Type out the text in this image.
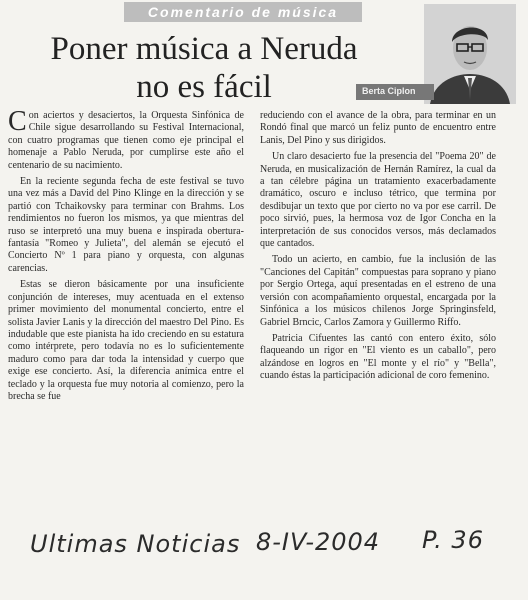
Comentario de música
Poner música a Neruda
no es fácil	Berta Ciplon

Con aciertos y desaciertos, la Orquesta Sinfónica de Chile sigue desarrollando su Festival Internacional, con cuatro programas que tienen como eje principal el homenaje a Pablo Neruda, por cumplirse este año el centenario de su nacimiento.

En la reciente segunda fecha de este festival se tuvo una vez más a David del Pino Klinge en la dirección y se partió con Tchaikovsky para terminar con Brahms. Los rendimientos no fueron los mismos, ya que mientras del ruso se interpretó una muy buena e inspirada obertura-fantasía "Romeo y Julieta", del alemán se ejecutó el Concierto Nº 1 para piano y orquesta, con algunas carencias.

Estas se dieron básicamente por una insuficiente conjunción de intereses, muy acentuada en el extenso primer movimiento del monumental concierto, entre el solista Javier Lanis y la dirección del maestro Del Pino. Es indudable que este pianista ha ido creciendo en su estatura como intérprete, pero todavía no es lo suficientemente maduro como para dar toda la intensidad y cuerpo que exige ese concierto. Así, la diferencia anímica entre el teclado y la orquesta fue muy notoria al comienzo, pero la brecha se fue

reduciendo con el avance de la obra, para terminar en un Rondó final que marcó un feliz punto de encuentro entre Lanis, Del Pino y sus dirigidos.

Un claro desacierto fue la presencia del "Poema 20" de Neruda, en musicalización de Hernán Ramírez, la cual da a tan célebre página un tratamiento exacerbadamente dramático, oscuro e incluso tétrico, que termina por desdibujar un texto que por cierto no va por ese carril. De poco sirvió, pues, la hermosa voz de Igor Concha en la interpretación de sus conocidos versos, más declamados que cantados.

Todo un acierto, en cambio, fue la inclusión de las "Canciones del Capitán" compuestas para soprano y piano por Sergio Ortega, aquí presentadas en el estreno de una versión con acompañamiento orquestal, encargada por la Sinfónica a los músicos chilenos Jorge Springinsfeld, Gabriel Brncic, Carlos Zamora y Guillermo Riffo.

Patricia Cifuentes las cantó con entero éxito, sólo flaqueando un rigor en "El viento es un caballo", pero alzándose en logros en "El monte y el río" y "Bella", cuando éstas la participación adicional de coro femenino.

Ultimas Noticias 8-IV-2004 P. 36
